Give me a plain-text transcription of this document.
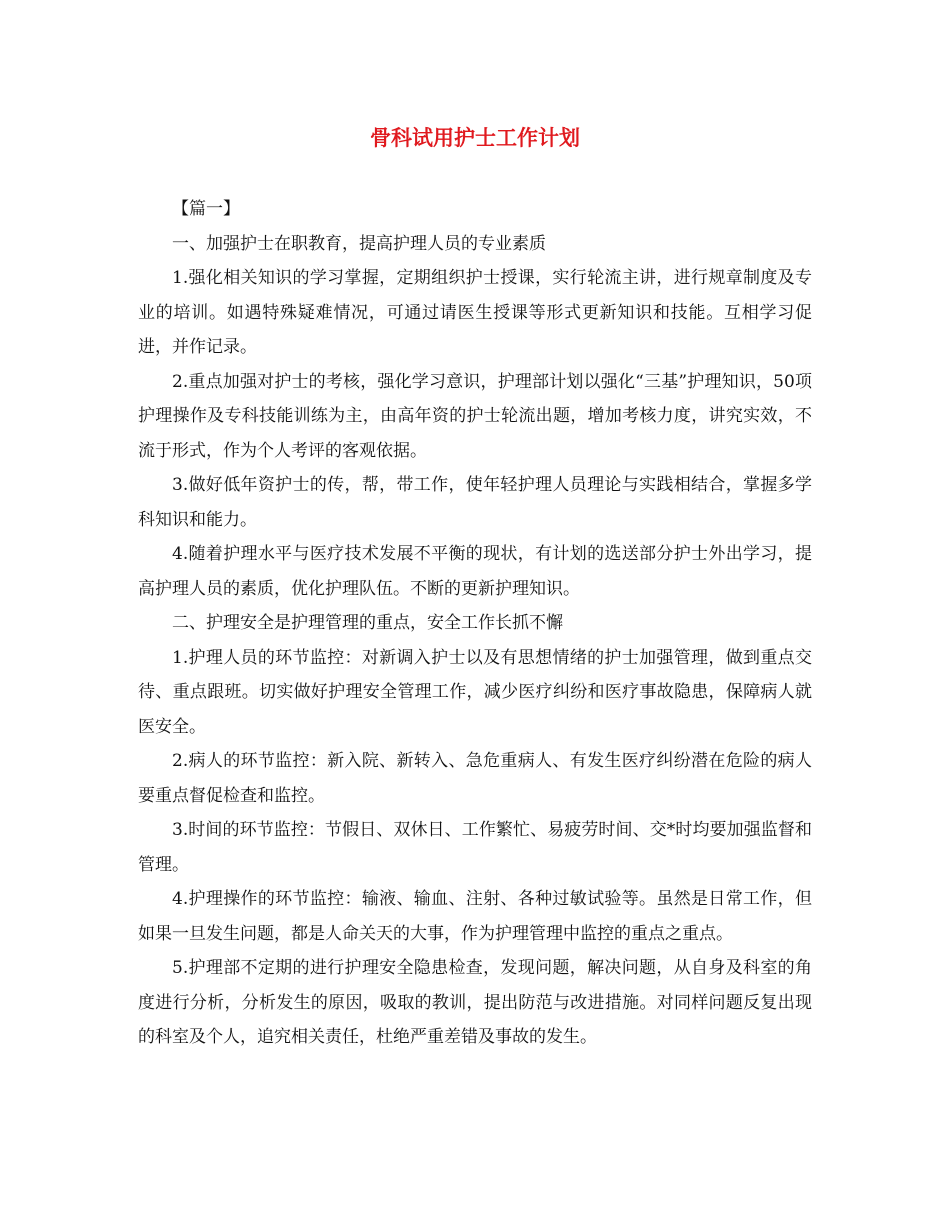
骨科试用护士工作计划

【篇一】

一、加强护士在职教育，提高护理人员的专业素质

1.强化相关知识的学习掌握，定期组织护士授课，实行轮流主讲，进行规章制度及专业的培训。如遇特殊疑难情况，可通过请医生授课等形式更新知识和技能。互相学习促进，并作记录。

2.重点加强对护士的考核，强化学习意识，护理部计划以强化“三基”护理知识，50项护理操作及专科技能训练为主，由高年资的护士轮流出题，增加考核力度，讲究实效，不流于形式，作为个人考评的客观依据。

3.做好低年资护士的传，帮，带工作，使年轻护理人员理论与实践相结合，掌握多学科知识和能力。

4.随着护理水平与医疗技术发展不平衡的现状，有计划的选送部分护士外出学习，提高护理人员的素质，优化护理队伍。不断的更新护理知识。

二、护理安全是护理管理的重点，安全工作长抓不懈

1.护理人员的环节监控：对新调入护士以及有思想情绪的护士加强管理，做到重点交待、重点跟班。切实做好护理安全管理工作，减少医疗纠纷和医疗事故隐患，保障病人就医安全。

2.病人的环节监控：新入院、新转入、急危重病人、有发生医疗纠纷潜在危险的病人要重点督促检查和监控。

3.时间的环节监控：节假日、双休日、工作繁忙、易疲劳时间、交*时均要加强监督和管理。

4.护理操作的环节监控：输液、输血、注射、各种过敏试验等。虽然是日常工作，但如果一旦发生问题，都是人命关天的大事，作为护理管理中监控的重点之重点。

5.护理部不定期的进行护理安全隐患检查，发现问题，解决问题，从自身及科室的角度进行分析，分析发生的原因，吸取的教训，提出防范与改进措施。对同样问题反复出现的科室及个人，追究相关责任，杜绝严重差错及事故的发生。
